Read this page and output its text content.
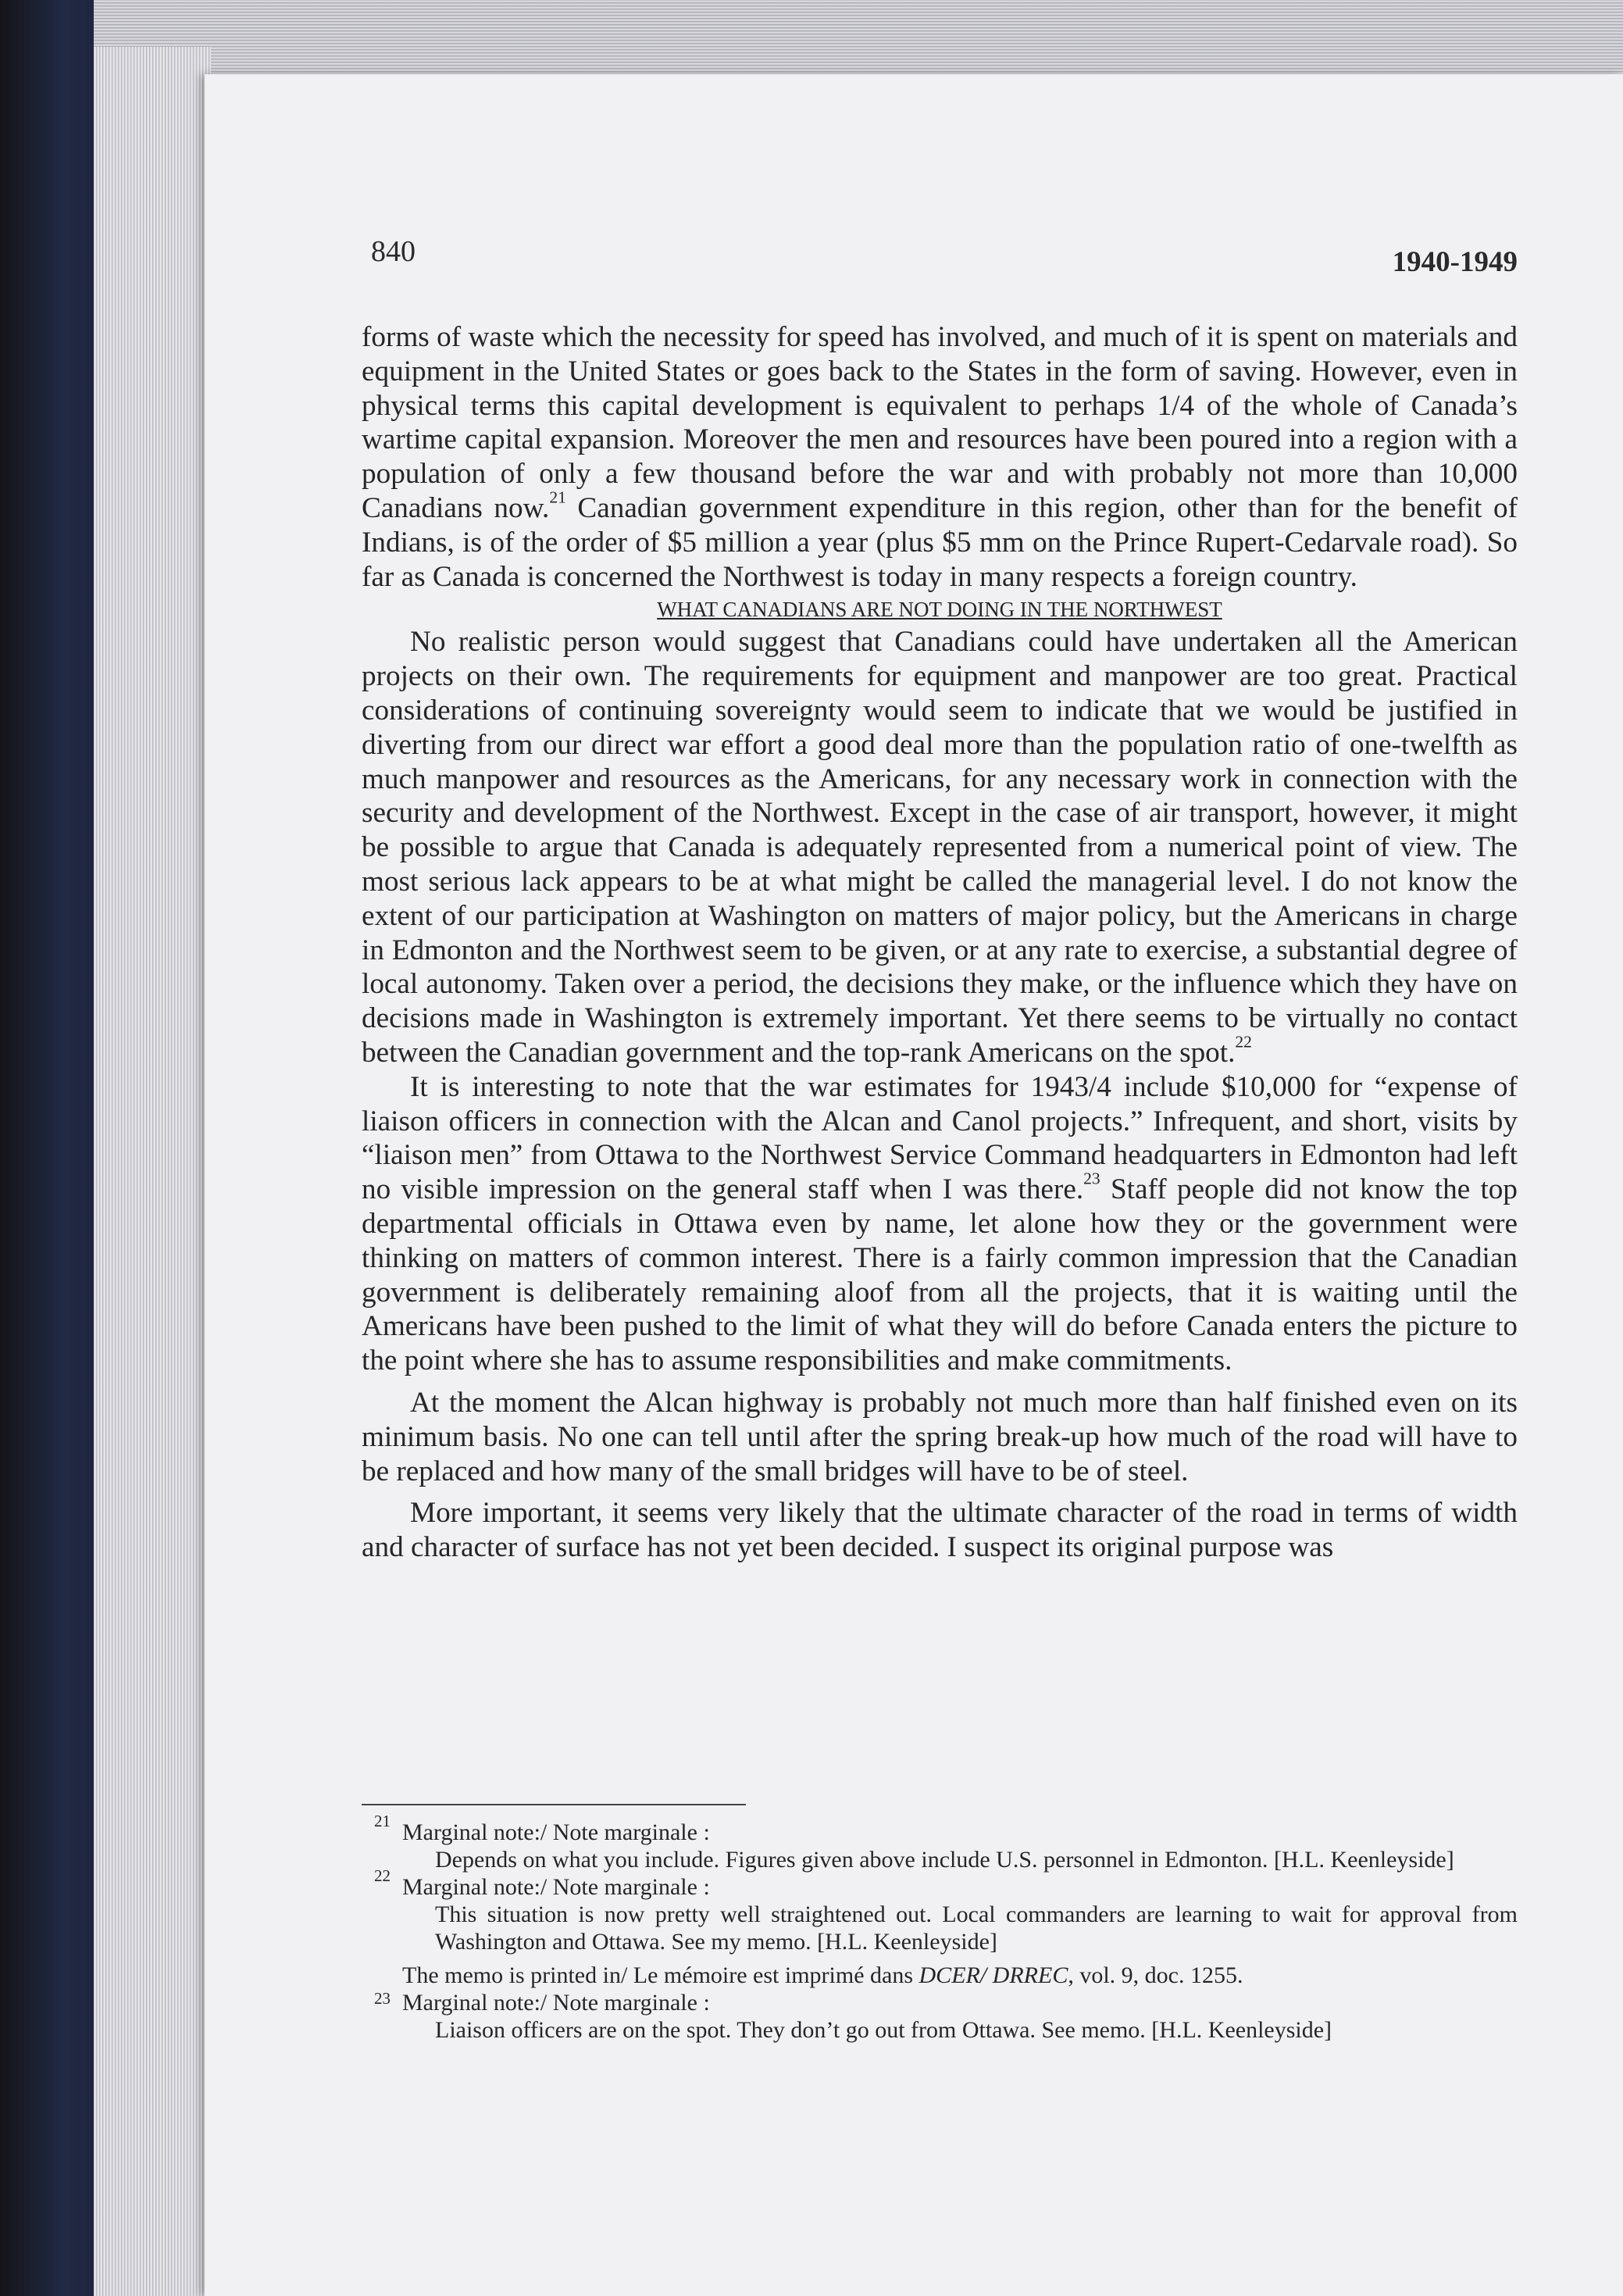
840	1940-1949

forms of waste which the necessity for speed has involved, and much of it is spent on materials and equipment in the United States or goes back to the States in the form of saving. However, even in physical terms this capital development is equivalent to perhaps 1/4 of the whole of Canada’s wartime capital expansion. Moreover the men and resources have been poured into a region with a population of only a few thousand before the war and with probably not more than 10,000 Canadians now.$^{21}$ Canadian government expenditure in this region, other than for the benefit of Indians, is of the order of $5 million a year (plus $5 mm on the Prince Rupert-Cedarvale road). So far as Canada is concerned the Northwest is today in many respects a foreign country.

WHAT CANADIANS ARE NOT DOING IN THE NORTHWEST

No realistic person would suggest that Canadians could have undertaken all the American projects on their own. The requirements for equipment and manpower are too great. Practical considerations of continuing sovereignty would seem to indicate that we would be justified in diverting from our direct war effort a good deal more than the population ratio of one-twelfth as much manpower and resources as the Americans, for any necessary work in connection with the security and development of the Northwest. Except in the case of air transport, however, it might be possible to argue that Canada is adequately represented from a numerical point of view. The most serious lack appears to be at what might be called the managerial level. I do not know the extent of our participation at Washington on matters of major policy, but the Americans in charge in Edmonton and the Northwest seem to be given, or at any rate to exercise, a substantial degree of local autonomy. Taken over a period, the decisions they make, or the influence which they have on decisions made in Washington is extremely important. Yet there seems to be virtually no contact between the Canadian government and the top-rank Americans on the spot.$^{22}$

It is interesting to note that the war estimates for 1943/4 include $10,000 for “expense of liaison officers in connection with the Alcan and Canol projects.” Infrequent, and short, visits by “liaison men” from Ottawa to the Northwest Service Command headquarters in Edmonton had left no visible impression on the general staff when I was there.$^{23}$ Staff people did not know the top departmental officials in Ottawa even by name, let alone how they or the government were thinking on matters of common interest. There is a fairly common impression that the Canadian government is deliberately remaining aloof from all the projects, that it is waiting until the Americans have been pushed to the limit of what they will do before Canada enters the picture to the point where she has to assume responsibilities and make commitments.

At the moment the Alcan highway is probably not much more than half finished even on its minimum basis. No one can tell until after the spring break-up how much of the road will have to be replaced and how many of the small bridges will have to be of steel.

More important, it seems very likely that the ultimate character of the road in terms of width and character of surface has not yet been decided. I suspect its original purpose was

21 Marginal note:/ Note marginale :

Depends on what you include. Figures given above include U.S. personnel in Edmonton. [H.L. Keenleyside]

22 Marginal note:/ Note marginale :

This situation is now pretty well straightened out. Local commanders are learning to wait for approval from Washington and Ottawa. See my memo. [H.L. Keenleyside]

23

The memo is printed in/ Le mémoire est imprimé dans DCER/ DRREC, vol. 9, doc. 1255.

Marginal note:/ Note marginale :

Liaison officers are on the spot. They don’t go out from Ottawa. See memo. [H.L. Keenleyside]
